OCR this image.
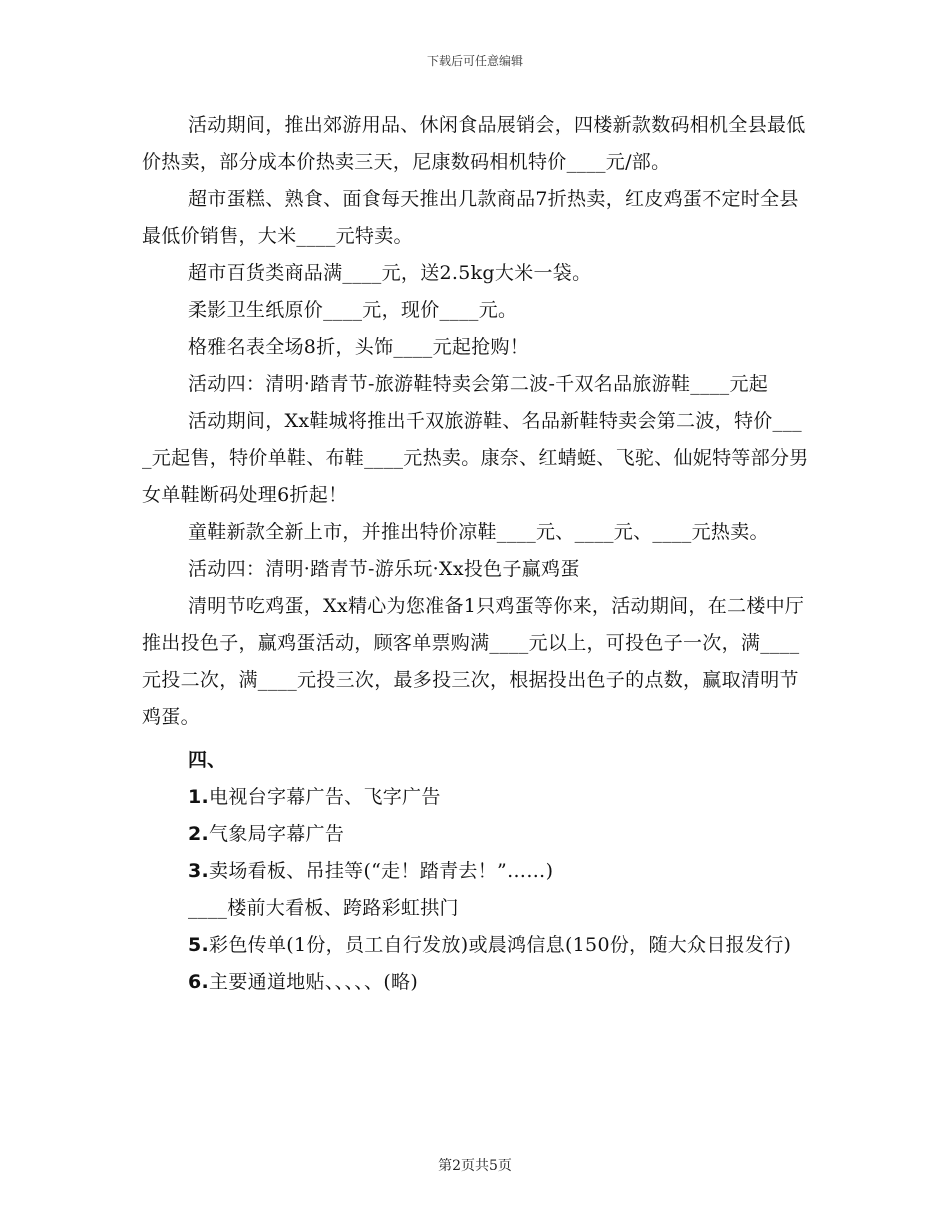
下载后可任意编辑
活动期间，推出郊游用品、休闲食品展销会，四楼新款数码相机全县最低价热卖，部分成本价热卖三天，尼康数码相机特价____元/部。
超市蛋糕、熟食、面食每天推出几款商品7折热卖，红皮鸡蛋不定时全县最低价销售，大米____元特卖。
超市百货类商品满____元，送2.5kg大米一袋。
柔影卫生纸原价____元，现价____元。
格雅名表全场8折，头饰____元起抢购！
活动四：清明·踏青节-旅游鞋特卖会第二波-千双名品旅游鞋____元起
活动期间，Xx鞋城将推出千双旅游鞋、名品新鞋特卖会第二波，特价____元起售，特价单鞋、布鞋____元热卖。康奈、红蜻蜓、飞驼、仙妮特等部分男女单鞋断码处理6折起！
童鞋新款全新上市，并推出特价凉鞋____元、____元、____元热卖。
活动四：清明·踏青节-游乐玩·Xx投色子赢鸡蛋
清明节吃鸡蛋，Xx精心为您准备1只鸡蛋等你来，活动期间，在二楼中厅推出投色子，赢鸡蛋活动，顾客单票购满____元以上，可投色子一次，满____元投二次，满____元投三次，最多投三次，根据投出色子的点数，赢取清明节鸡蛋。
四、
1.电视台字幕广告、飞字广告
2.气象局字幕广告
3.卖场看板、吊挂等(“走！踏青去！”……)
____楼前大看板、跨路彩虹拱门
5.彩色传单(1份，员工自行发放)或晨鸿信息(150份，随大众日报发行)
6.主要通道地贴、、、、、(略)
第2页共5页
